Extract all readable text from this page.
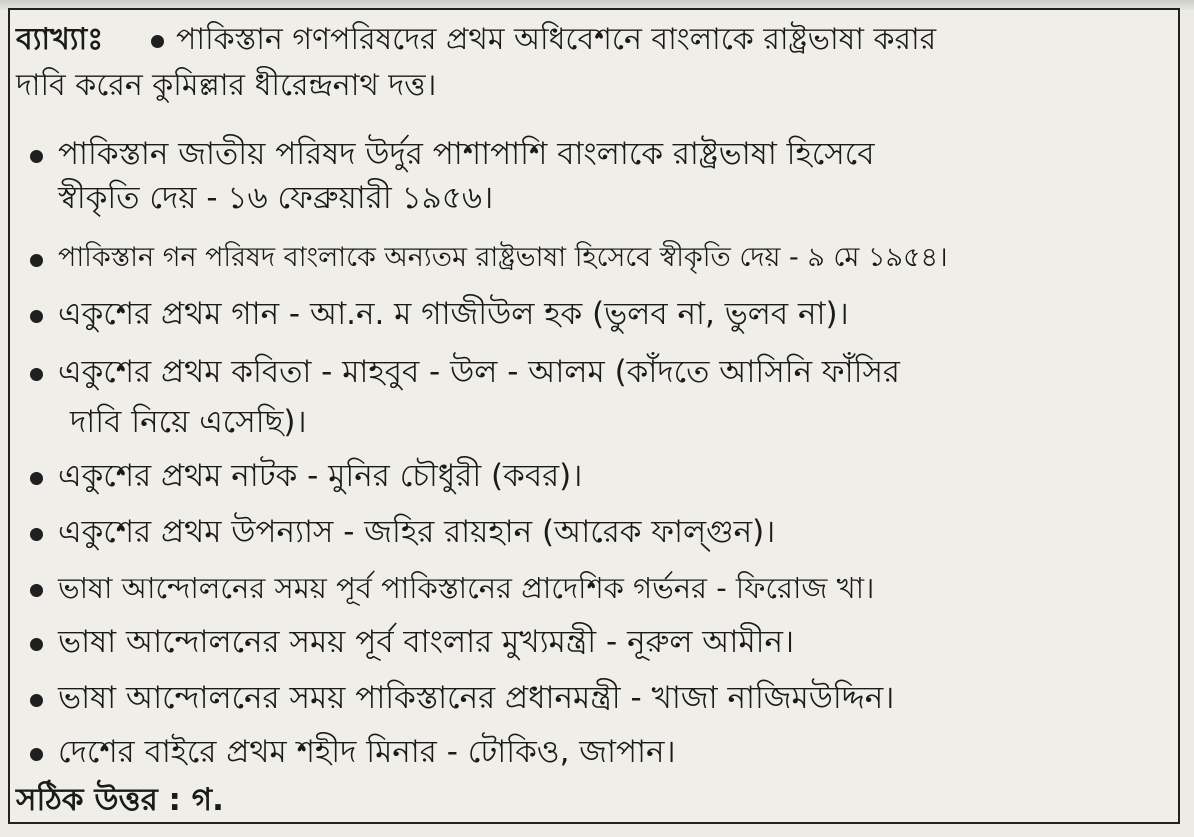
ব্যাখ্যাঃ পাকিস্তান গণপরিষদের প্রথম অধিবেশনে বাংলাকে রাষ্ট্রভাষা করার
দাবি করেন কুমিল্লার ধীরেন্দ্রনাথ দত্ত।
পাকিস্তান জাতীয় পরিষদ উর্দুর পাশাপাশি বাংলাকে রাষ্ট্রভাষা হিসেবে
স্বীকৃতি দেয় - ১৬ ফেব্রুয়ারী ১৯৫৬।
পাকিস্তান গন পরিষদ বাংলাকে অন্যতম রাষ্ট্রভাষা হিসেবে স্বীকৃতি দেয় - ৯ মে ১৯৫৪।
একুশের প্রথম গান - আ.ন. ম গাজীউল হক (ভুলব না, ভুলব না)।
একুশের প্রথম কবিতা - মাহবুব - উল - আলম (কাঁদতে আসিনি ফাঁসির
দাবি নিয়ে এসেছি)।
একুশের প্রথম নাটক - মুনির চৌধুরী (কবর)।
একুশের প্রথম উপন্যাস - জহির রায়হান (আরেক ফাল্গুন)।
ভাষা আন্দোলনের সময় পূর্ব পাকিস্তানের প্রাদেশিক গর্ভনর - ফিরোজ খা।
ভাষা আন্দোলনের সময় পূর্ব বাংলার মুখ্যমন্ত্রী - নূরুল আমীন।
ভাষা আন্দোলনের সময় পাকিস্তানের প্রধানমন্ত্রী - খাজা নাজিমউদ্দিন।
দেশের বাইরে প্রথম শহীদ মিনার - টোকিও, জাপান।
সঠিক উত্তর : গ.
